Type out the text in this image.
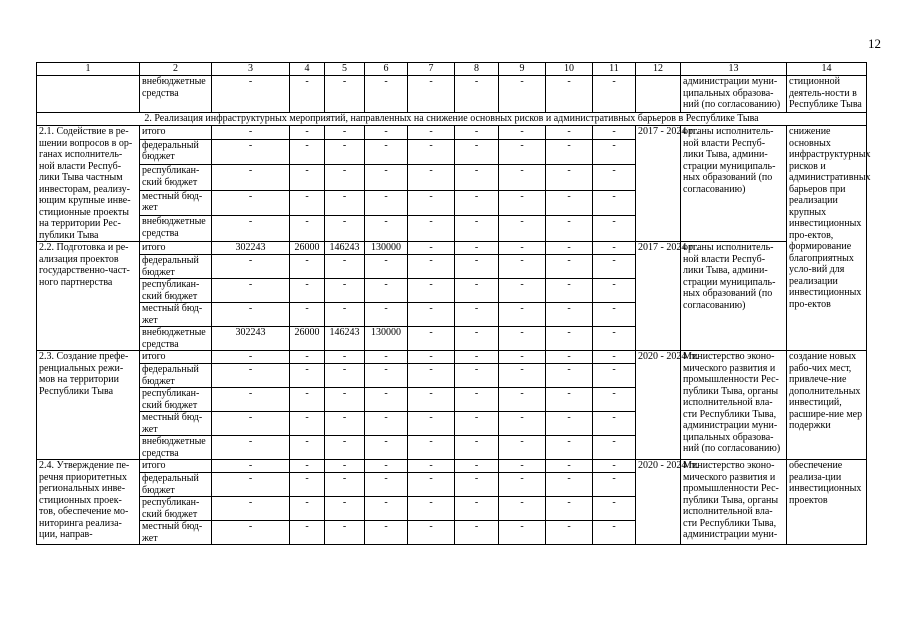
12
1	2	3	4	5	6	7	8	9	10	11	12	13	14
	внебюджетные средства	-	-	-	-	-	-	-	-	-		администрации муни-ципальных образова-ний (по согласованию)	стиционной деятель-ности в Республике Тыва
2. Реализация инфраструктурных мероприятий, направленных на снижение основных рисков и административных барьеров в Республике Тыва													
2.1. Содействие в ре-шении вопросов в ор-ганах исполнитель-ной власти Респуб-лики Тыва частным инвесторам, реализу-ющим крупные инве-стиционные проекты на территории Рес-публики Тыва	итого	-	-	-	-	-	-	-	-	-	2017 - 2024 гг.	органы исполнитель-ной власти Респуб-лики Тыва, админи-страции муниципаль-ных образований (по согласованию)	снижение основных инфраструктурных рисков и административных барьеров при реализации крупных инвестиционных про-ектов, формирование благоприятных усло-вий для реализации инвестиционных про-ектов
	федеральный бюджет	-	-	-	-	-	-	-	-	-			
	республикан-ский бюджет	-	-	-	-	-	-	-	-	-			
	местный бюд-жет	-	-	-	-	-	-	-	-	-			
	внебюджетные средства	-	-	-	-	-	-	-	-	-			
2.2. Подготовка и ре-ализация проектов государственно-част-ного партнерства	итого	302243	26000	146243	130000	-	-	-	-	-	2017 - 2024 гг.	органы исполнитель-ной власти Респуб-лики Тыва, админи-страции муниципаль-ных образований (по согласованию)	
	федеральный бюджет	-	-	-	-	-	-	-	-	-			
	республикан-ский бюджет	-	-	-	-	-	-	-	-	-			
	местный бюд-жет	-	-	-	-	-	-	-	-	-			
	внебюджетные средства	302243	26000	146243	130000	-	-	-	-	-			
2.3. Создание префе-ренциальных режи-мов на территории Республики Тыва	итого	-	-	-	-	-	-	-	-	-	2020 - 2024 гг.	Министерство эконо-мического развития и промышленности Рес-публики Тыва, органы исполнительной вла-сти Республики Тыва, администрации муни-ципальных образова-ний (по согласованию)	создание новых рабо-чих мест, привлече-ние дополнительных инвестиций, расшире-ние мер подержки
	федеральный бюджет	-	-	-	-	-	-	-	-	-			
	республикан-ский бюджет	-	-	-	-	-	-	-	-	-			
	местный бюд-жет	-	-	-	-	-	-	-	-	-			
	внебюджетные средства	-	-	-	-	-	-	-	-	-			
2.4. Утверждение пе-речня приоритетных региональных инве-стиционных проек-тов, обеспечение мо-ниторинга реализа-ции, направ-	итого	-	-	-	-	-	-	-	-	-	2020 - 2024 гг.	Министерство эконо-мического развития и промышленности Рес-публики Тыва, органы исполнительной вла-сти Республики Тыва, администрации муни-	обеспечение реализа-ции инвестиционных проектов
	федеральный бюджет	-	-	-	-	-	-	-	-	-			
	республикан-ский бюджет	-	-	-	-	-	-	-	-	-			
	местный бюд-жет	-	-	-	-	-	-	-	-	-			
